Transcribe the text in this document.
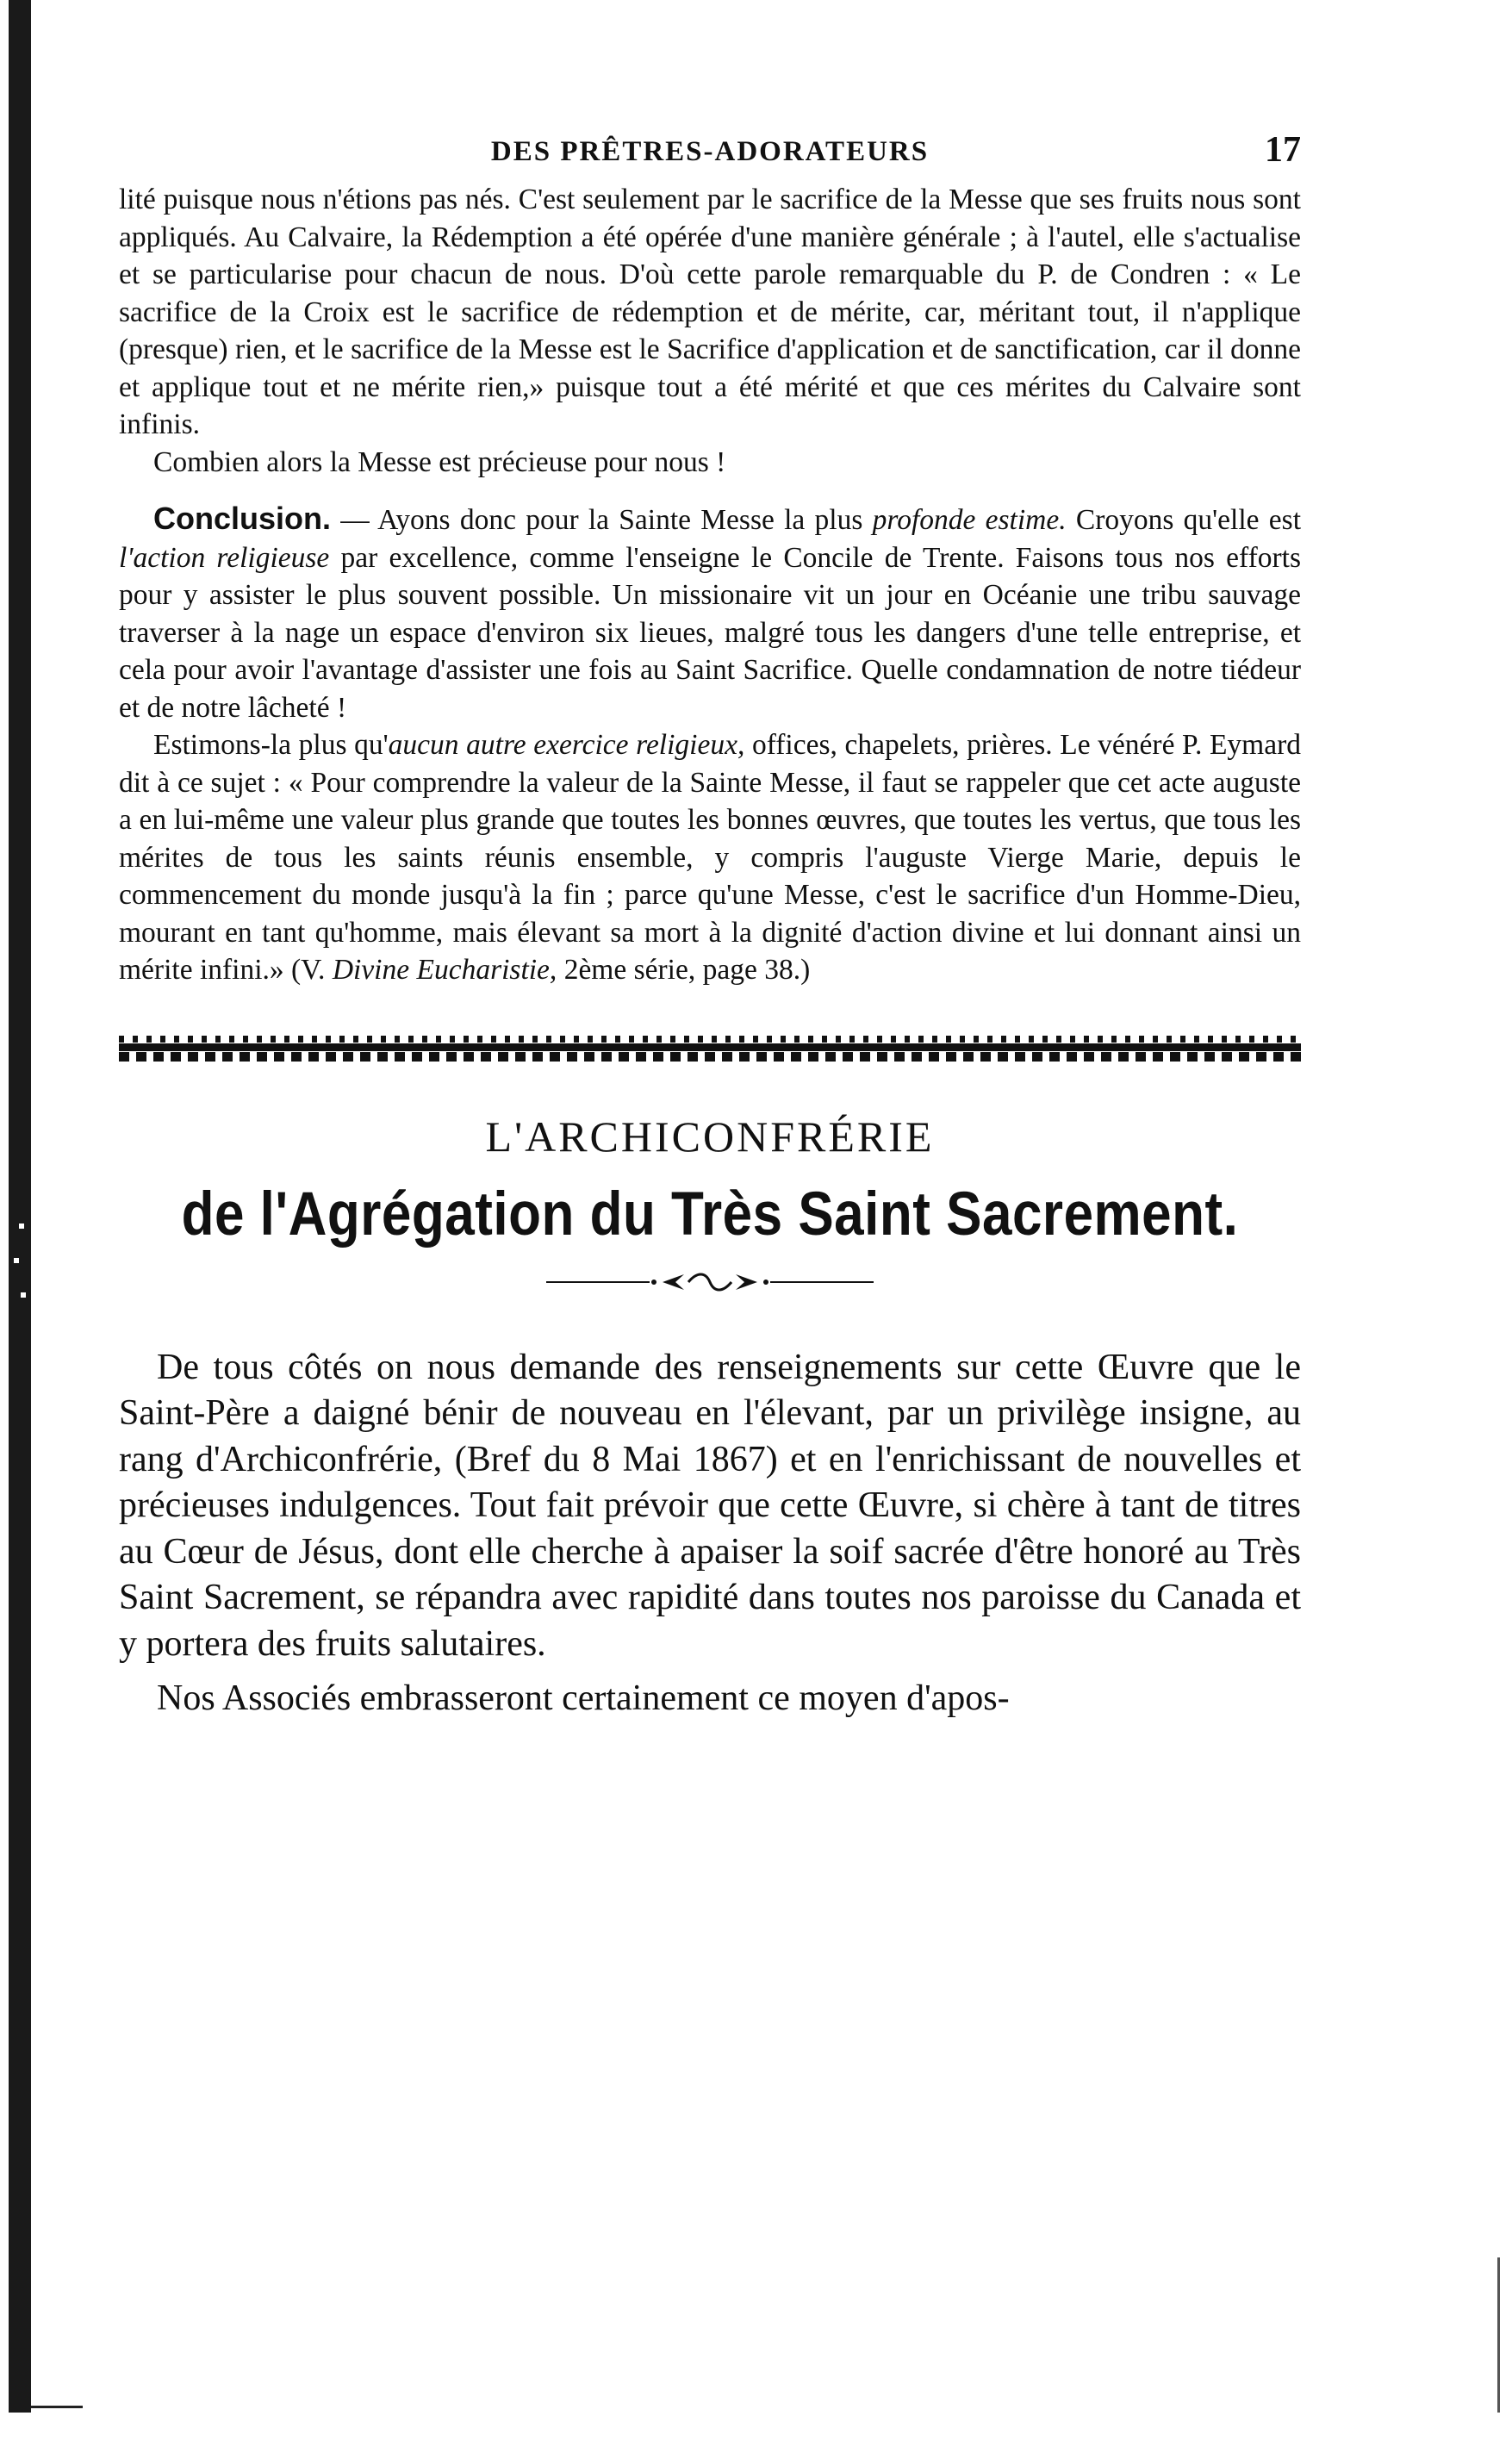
DES PRÊTRES-ADORATEURS	17

lité puisque nous n'étions pas nés. C'est seulement par le sacrifice de la Messe que ses fruits nous sont appliqués. Au Calvaire, la Rédemption a été opérée d'une manière générale ; à l'autel, elle s'actualise et se particularise pour chacun de nous. D'où cette parole remarquable du P. de Condren : « Le sacrifice de la Croix est le sacrifice de rédemption et de mérite, car, méritant tout, il n'applique (presque) rien, et le sacrifice de la Messe est le Sacrifice d'application et de sanctification, car il donne et applique tout et ne mérite rien,» puisque tout a été mérité et que ces mérites du Calvaire sont infinis.

Combien alors la Messe est précieuse pour nous !

Conclusion. — Ayons donc pour la Sainte Messe la plus profonde estime. Croyons qu'elle est l'action religieuse par excellence, comme l'enseigne le Concile de Trente. Faisons tous nos efforts pour y assister le plus souvent possible. Un missionaire vit un jour en Océanie une tribu sauvage traverser à la nage un espace d'environ six lieues, malgré tous les dangers d'une telle entreprise, et cela pour avoir l'avantage d'assister une fois au Saint Sacrifice. Quelle condamnation de notre tiédeur et de notre lâcheté !

Estimons-la plus qu'aucun autre exercice religieux, offices, chapelets, prières. Le vénéré P. Eymard dit à ce sujet : « Pour comprendre la valeur de la Sainte Messe, il faut se rappeler que cet acte auguste a en lui-même une valeur plus grande que toutes les bonnes œuvres, que toutes les vertus, que tous les mérites de tous les saints réunis ensemble, y compris l'auguste Vierge Marie, depuis le commencement du monde jusqu'à la fin ; parce qu'une Messe, c'est le sacrifice d'un Homme-Dieu, mourant en tant qu'homme, mais élevant sa mort à la dignité d'action divine et lui donnant ainsi un mérite infini.» (V. Divine Eucharistie, 2ème série, page 38.)

L'ARCHICONFRÉRIE
de l'Agrégation du Très Saint Sacrement.

De tous côtés on nous demande des renseignements sur cette Œuvre que le Saint-Père a daigné bénir de nouveau en l'élevant, par un privilège insigne, au rang d'Archiconfrérie, (Bref du 8 Mai 1867) et en l'enrichissant de nouvelles et précieuses indulgences. Tout fait prévoir que cette Œuvre, si chère à tant de titres au Cœur de Jésus, dont elle cherche à apaiser la soif sacrée d'être honoré au Très Saint Sacrement, se répandra avec rapidité dans toutes nos paroisse du Canada et y portera des fruits salutaires.

Nos Associés embrasseront certainement ce moyen d'apos-
